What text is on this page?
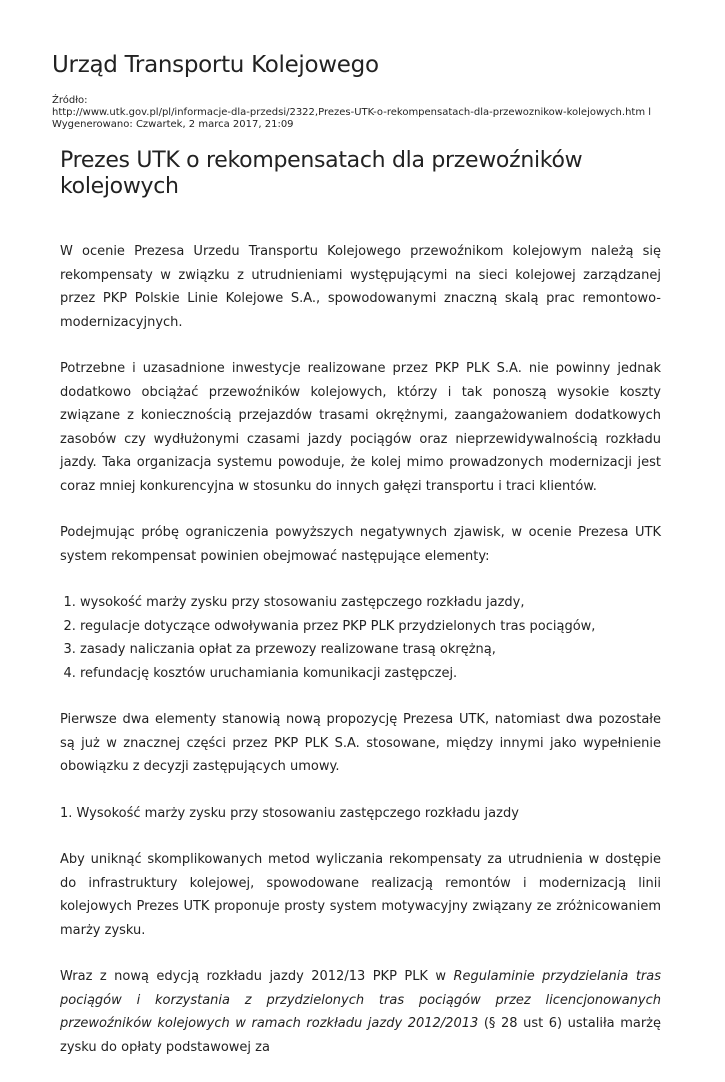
Urząd Transportu Kolejowego
Źródło:
http://www.utk.gov.pl/pl/informacje-dla-przedsi/2322,Prezes-UTK-o-rekompensatach-dla-przewoznikow-kolejowych.htm l
Wygenerowano: Czwartek, 2 marca 2017, 21:09
Prezes UTK o rekompensatach dla przewoźników kolejowych

W ocenie Prezesa Urzedu Transportu Kolejowego przewoźnikom kolejowym należą się rekompensaty w związku z utrudnieniami występującymi na sieci kolejowej zarządzanej przez PKP Polskie Linie Kolejowe S.A., spowodowanymi znaczną skalą prac remontowo-modernizacyjnych.

Potrzebne i uzasadnione inwestycje realizowane przez PKP PLK S.A. nie powinny jednak dodatkowo obciążać przewoźników kolejowych, którzy i tak ponoszą wysokie koszty związane z koniecznością przejazdów trasami okrężnymi, zaangażowaniem dodatkowych zasobów czy wydłużonymi czasami jazdy pociągów oraz nieprzewidywalnością rozkładu jazdy. Taka organizacja systemu powoduje, że kolej mimo prowadzonych modernizacji jest coraz mniej konkurencyjna w stosunku do innych gałęzi transportu i traci klientów.

Podejmując próbę ograniczenia powyższych negatywnych zjawisk, w ocenie Prezesa UTK system rekompensat powinien obejmować następujące elementy:

1. wysokość marży zysku przy stosowaniu zastępczego rozkładu jazdy,
2. regulacje dotyczące odwoływania przez PKP PLK przydzielonych tras pociągów,
3. zasady naliczania opłat za przewozy realizowane trasą okrężną,
4. refundację kosztów uruchamiania komunikacji zastępczej.

Pierwsze dwa elementy stanowią nową propozycję Prezesa UTK, natomiast dwa pozostałe są już w znacznej części przez PKP PLK S.A. stosowane, między innymi jako wypełnienie obowiązku z decyzji zastępujących umowy.

1. Wysokość marży zysku przy stosowaniu zastępczego rozkładu jazdy

Aby uniknąć skomplikowanych metod wyliczania rekompensaty za utrudnienia w dostępie do infrastruktury kolejowej, spowodowane realizacją remontów i modernizacją linii kolejowych Prezes UTK proponuje prosty system motywacyjny związany ze zróżnicowaniem marży zysku.

Wraz z nową edycją rozkładu jazdy 2012/13 PKP PLK w Regulaminie przydzielania tras pociągów i korzystania z przydzielonych tras pociągów przez licencjonowanych przewoźników kolejowych w ramach rozkładu jazdy 2012/2013 (§ 28 ust 6) ustaliła marżę zysku do opłaty podstawowej za
